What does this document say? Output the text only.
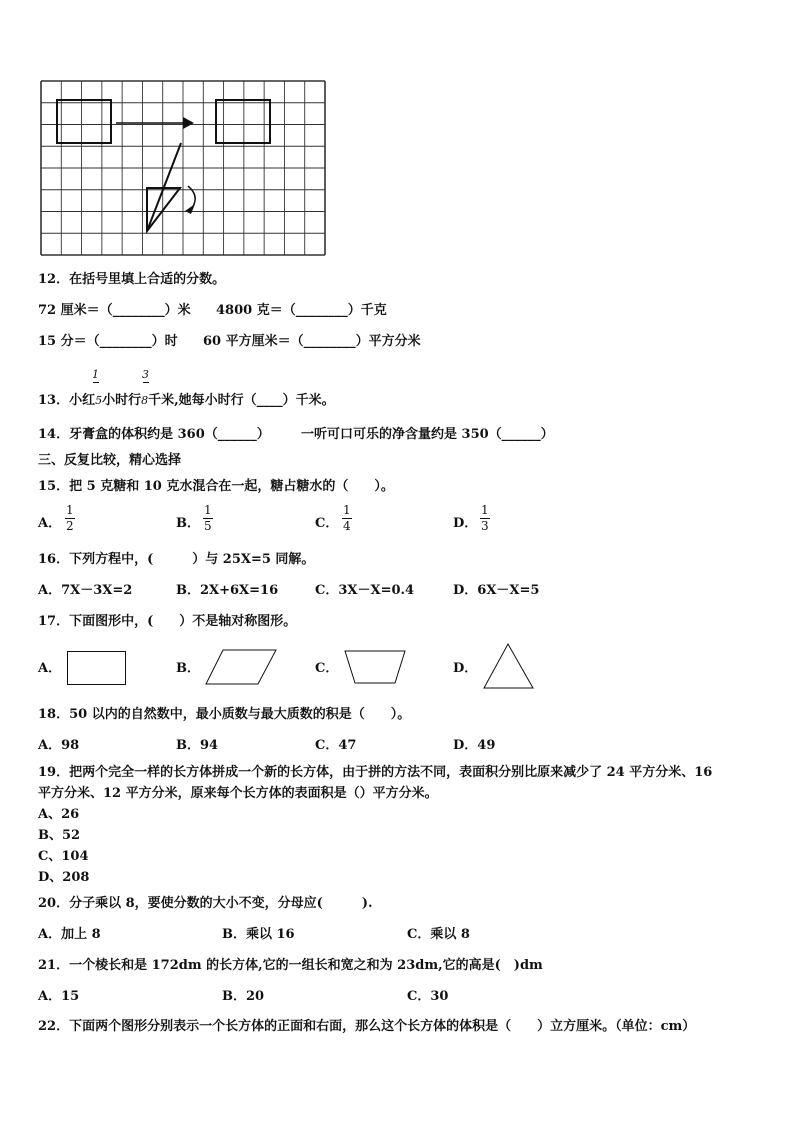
12．在括号里填上合适的分数。
72 厘米＝（________）米 4800 克＝（________）千克
15 分＝（________）时 60 平方厘米＝（________）平方分米
1	3
13．小红5小时行8千米,她每小时行（____）千米。
14．牙膏盒的体积约是 360（______） 一听可口可乐的净含量约是 350（______）
三、反复比较，精心选择
15．把 5 克糖和 10 克水混合在一起，糖占糖水的（　　）。
A．
1
2	B．
1
5	C．
1
4	D．
1
3
16．下列方程中，(　　　）与 25X=5 同解。
A．7X－3X=2	B．2X+6X=16	C．3X－X=0.4	D．6X－X=5
17．下面图形中，(　　）不是轴对称图形。
A．	B．	C．	D．
18．50 以内的自然数中，最小质数与最大质数的积是（　　）。
A．98	B．94	C．47	D．49
19．把两个完全一样的长方体拼成一个新的长方体，由于拼的方法不同，表面积分别比原来减少了 24 平方分米、16
平方分米、12 平方分米，原来每个长方体的表面积是（）平方分米。
A、26
B、52
C、104
D、208
20．分子乘以 8，要使分数的大小不变，分母应(　　　).
A．加上 8	B．乘以 16	C．乘以 8
21．一个棱长和是 172dm 的长方体,它的一组长和宽之和为 23dm,它的高是(　)dm
A．15	B．20	C．30
22．下面两个图形分别表示一个长方体的正面和右面，那么这个长方体的体积是（　　）立方厘米。（单位：cm）
